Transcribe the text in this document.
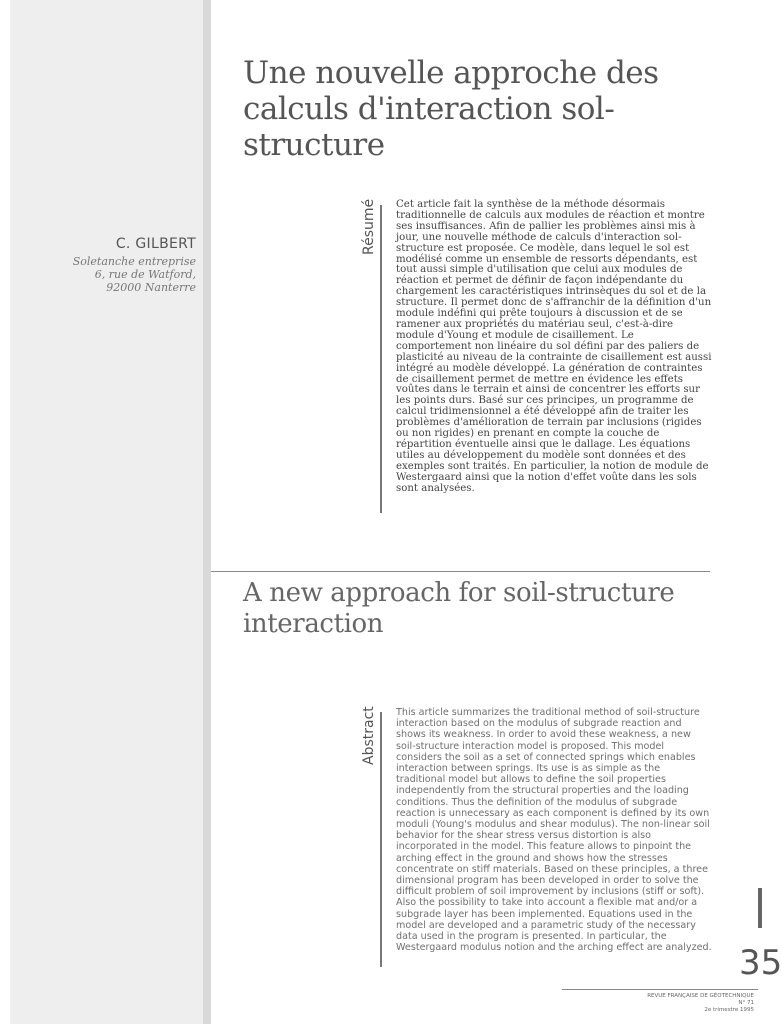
C. GILBERT
Soletanche entreprise
6, rue de Watford,
92000 Nanterre
Une nouvelle approche des calculs d'interaction sol-structure
Résumé Cet article fait la synthèse de la méthode désormais traditionnelle de calculs aux modules de réaction et montre ses insuffisances. Afin de pallier les problèmes ainsi mis à jour, une nouvelle méthode de calculs d'interaction sol-structure est proposée. Ce modèle, dans lequel le sol est modélisé comme un ensemble de ressorts dépendants, est tout aussi simple d'utilisation que celui aux modules de réaction et permet de définir de façon indépendante du chargement les caractéristiques intrinsèques du sol et de la structure. Il permet donc de s'affranchir de la définition d'un module indéfini qui prête toujours à discussion et de se ramener aux propriétés du matériau seul, c'est-à-dire module d'Young et module de cisaillement. Le comportement non linéaire du sol défini par des paliers de plasticité au niveau de la contrainte de cisaillement est aussi intégré au modèle développé. La génération de contraintes de cisaillement permet de mettre en évidence les effets voûtes dans le terrain et ainsi de concentrer les efforts sur les points durs. Basé sur ces principes, un programme de calcul tridimensionnel a été développé afin de traiter les problèmes d'amélioration de terrain par inclusions (rigides ou non rigides) en prenant en compte la couche de répartition éventuelle ainsi que le dallage. Les équations utiles au développement du modèle sont données et des exemples sont traités. En particulier, la notion de module de Westergaard ainsi que la notion d'effet voûte dans les sols sont analysées.

A new approach for soil-structure interaction
Abstract This article summarizes the traditional method of soil-structure interaction based on the modulus of subgrade reaction and shows its weakness. In order to avoid these weakness, a new soil-structure interaction model is proposed. This model considers the soil as a set of connected springs which enables interaction between springs. Its use is as simple as the traditional model but allows to define the soil properties independently from the structural properties and the loading conditions. Thus the definition of the modulus of subgrade reaction is unnecessary as each component is defined by its own moduli (Young's modulus and shear modulus). The non-linear soil behavior for the shear stress versus distortion is also incorporated in the model. This feature allows to pinpoint the arching effect in the ground and shows how the stresses concentrate on stiff materials. Based on these principles, a three dimensional program has been developed in order to solve the difficult problem of soil improvement by inclusions (stiff or soft). Also the possibility to take into account a flexible mat and/or a subgrade layer has been implemented. Equations used in the model are developed and a parametric study of the necessary data used in the program is presented. In particular, the Westergaard modulus notion and the arching effect are analyzed. 35
REVUE FRANÇAISE DE GÉOTECHNIQUE
N° 71
2e trimestre 1995
